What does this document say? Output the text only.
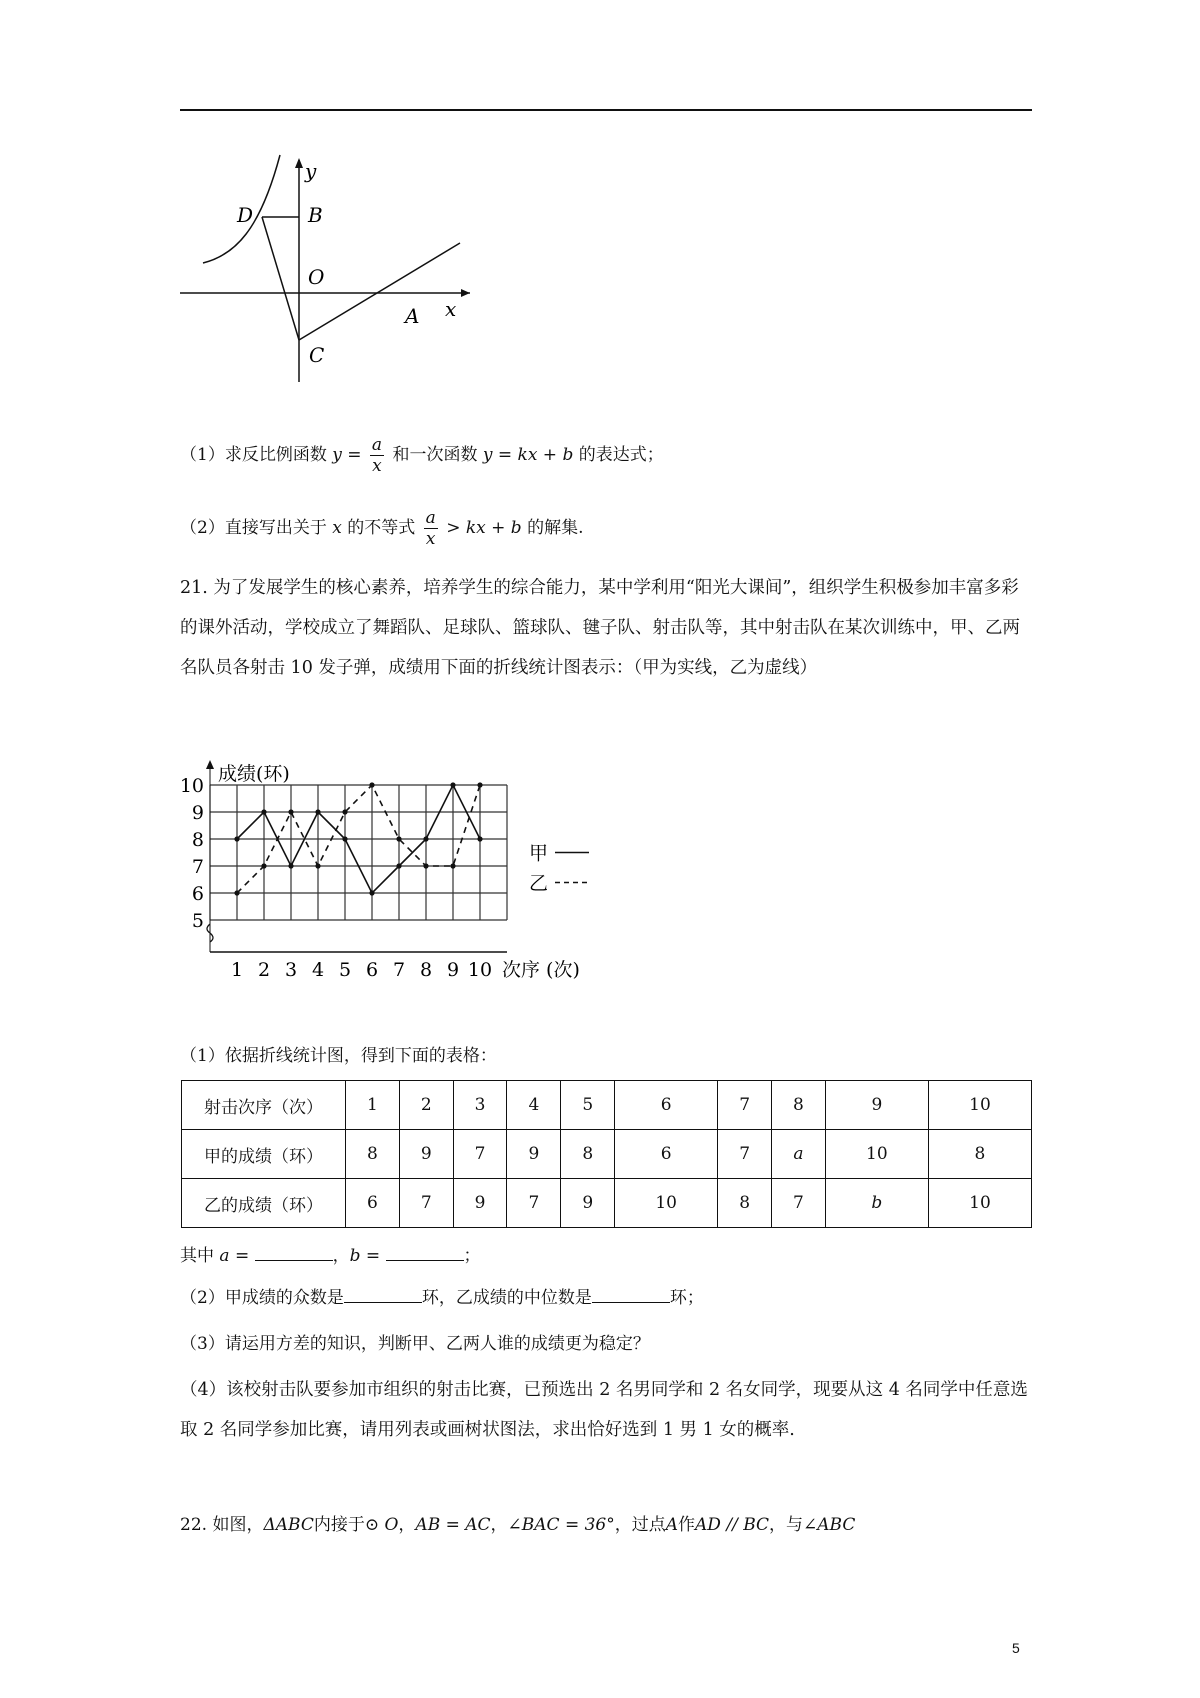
y
D	B
O
A x
C
（1）求反比例函数 $y = \frac{a}{x}$ 和一次函数 y = kx + b 的表达式；
（2）直接写出关于 x 的不等式 $\frac{a}{x}$ > kx + b 的解集.
21. 为了发展学生的核心素养，培养学生的综合能力，某中学利用“阳光大课间”，组织学生积极参加丰富多彩的课外活动，学校成立了舞蹈队、足球队、篮球队、毽子队、射击队等，其中射击队在某次训练中，甲、乙两名队员各射击 10 发子弹，成绩用下面的折线统计图表示：（甲为实线，乙为虚线）
5
6
7
8
9
10
成绩(环)
1 2 3 4 5 6 7 8 9 10 次序 (次)
甲
乙
（1）依据折线统计图，得到下面的表格：
射击次序（次）	1	2	3	4	5	6	7	8	9	10
甲的成绩（环）	8	9	7	9	8	6	7	a	10	8
乙的成绩（环）	6	7	9	7	9	10	8	7	b	10
其中 a =	，b =	；
（2）甲成绩的众数是	环，乙成绩的中位数是	环；
（3）请运用方差的知识，判断甲、乙两人谁的成绩更为稳定？
（4）该校射击队要参加市组织的射击比赛，已预选出 2 名男同学和 2 名女同学，现要从这 4 名同学中任意选取 2 名同学参加比赛，请用列表或画树状图法，求出恰好选到 1 男 1 女的概率.
22. 如图，ΔABC内接于⊙ O，AB = AC，∠BAC = 36°，过点A作AD // BC，与∠ABC
5
